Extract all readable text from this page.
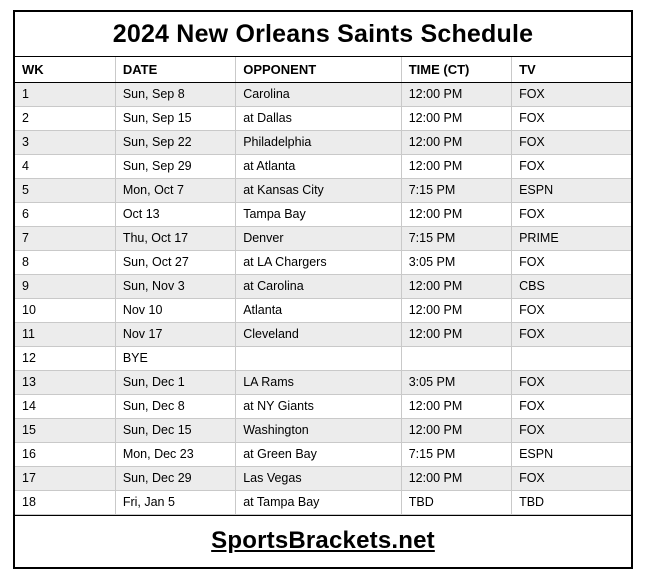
2024 New Orleans Saints Schedule
WK	DATE	OPPONENT	TIME (CT)	TV
1	Sun, Sep 8	Carolina	12:00 PM	FOX
2	Sun, Sep 15	at Dallas	12:00 PM	FOX
3	Sun, Sep 22	Philadelphia	12:00 PM	FOX
4	Sun, Sep 29	at Atlanta	12:00 PM	FOX
5	Mon, Oct 7	at Kansas City	7:15 PM	ESPN
6	Oct 13	Tampa Bay	12:00 PM	FOX
7	Thu, Oct 17	Denver	7:15 PM	PRIME
8	Sun, Oct 27	at LA Chargers	3:05 PM	FOX
9	Sun, Nov 3	at Carolina	12:00 PM	CBS
10	Nov 10	Atlanta	12:00 PM	FOX
11	Nov 17	Cleveland	12:00 PM	FOX
12	BYE			
13	Sun, Dec 1	LA Rams	3:05 PM	FOX
14	Sun, Dec 8	at NY Giants	12:00 PM	FOX
15	Sun, Dec 15	Washington	12:00 PM	FOX
16	Mon, Dec 23	at Green Bay	7:15 PM	ESPN
17	Sun, Dec 29	Las Vegas	12:00 PM	FOX
18	Fri, Jan 5	at Tampa Bay	TBD	TBD
SportsBrackets.net
